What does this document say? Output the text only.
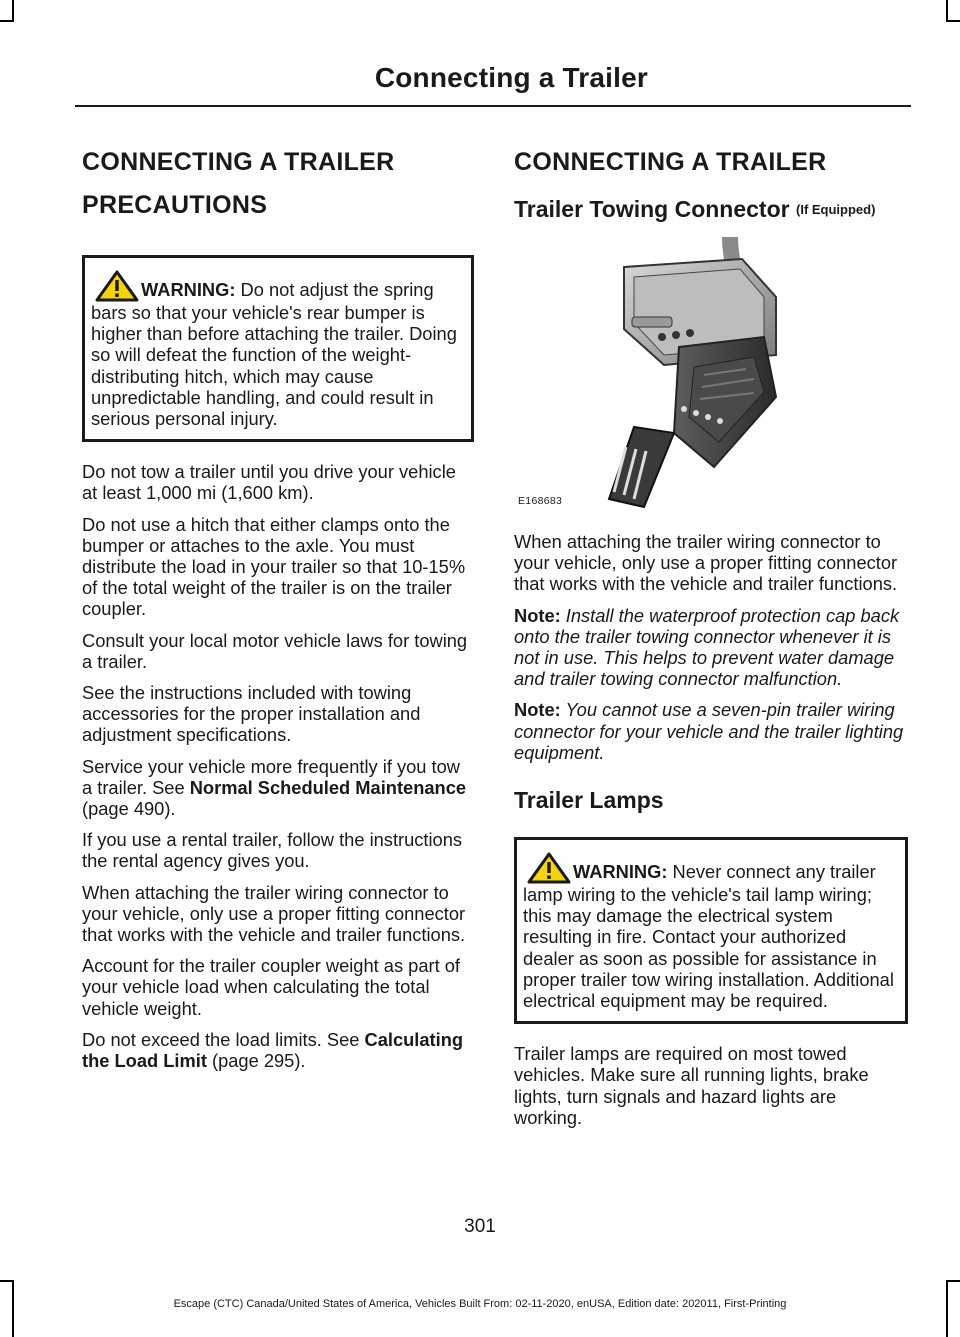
Connecting a Trailer
CONNECTING A TRAILER
PRECAUTIONS
WARNING: Do not adjust the spring bars so that your vehicle's rear bumper is higher than before attaching the trailer. Doing so will defeat the function of the weight-distributing hitch, which may cause unpredictable handling, and could result in serious personal injury.

Do not tow a trailer until you drive your vehicle at least 1,000 mi (1,600 km).

Do not use a hitch that either clamps onto the bumper or attaches to the axle. You must distribute the load in your trailer so that 10-15% of the total weight of the trailer is on the trailer coupler.

Consult your local motor vehicle laws for towing a trailer.

See the instructions included with towing accessories for the proper installation and adjustment specifications.

Service your vehicle more frequently if you tow a trailer. See Normal Scheduled Maintenance (page 490).

If you use a rental trailer, follow the instructions the rental agency gives you.

When attaching the trailer wiring connector to your vehicle, only use a proper fitting connector that works with the vehicle and trailer functions.

Account for the trailer coupler weight as part of your vehicle load when calculating the total vehicle weight.

Do not exceed the load limits. See Calculating the Load Limit (page 295).

CONNECTING A TRAILER
Trailer Towing Connector (If Equipped)
E168683

When attaching the trailer wiring connector to your vehicle, only use a proper fitting connector that works with the vehicle and trailer functions.

Note: Install the waterproof protection cap back onto the trailer towing connector whenever it is not in use. This helps to prevent water damage and trailer towing connector malfunction.

Note: You cannot use a seven-pin trailer wiring connector for your vehicle and the trailer lighting equipment.

Trailer Lamps
WARNING: Never connect any trailer lamp wiring to the vehicle's tail lamp wiring; this may damage the electrical system resulting in fire. Contact your authorized dealer as soon as possible for assistance in proper trailer tow wiring installation. Additional electrical equipment may be required.

Trailer lamps are required on most towed vehicles. Make sure all running lights, brake lights, turn signals and hazard lights are working.

301
Escape (CTC) Canada/United States of America, Vehicles Built From: 02-11-2020, enUSA, Edition date: 202011, First-Printing
